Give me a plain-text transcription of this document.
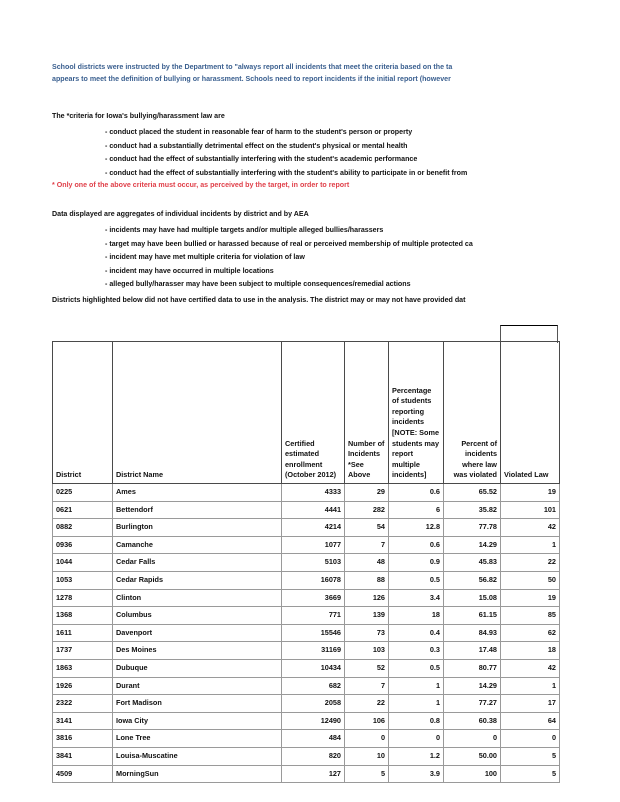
School districts were instructed by the Department to "always report all incidents that meet the criteria based on the ta
appears to meet the definition of bullying or harassment. Schools need to report incidents if the initial report (however
The *criteria for Iowa's bullying/harassment law are
- conduct placed the student in reasonable fear of harm to the student's person or property
- conduct had a substantially detrimental effect on the student's physical or mental health
- conduct had the effect of substantially interfering with the student's academic performance
- conduct had the effect of substantially interfering with the student's ability to participate in or benefit from
* Only one of the above criteria must occur, as perceived by the target, in order to report
Data displayed are aggregates of individual incidents by district and by AEA
- incidents may have had multiple targets and/or multiple alleged bullies/harassers
- target may have been bullied or harassed because of real or perceived membership of multiple protected ca
- incident may have met multiple criteria for violation of law
- incident may have occurred in multiple locations
- alleged bully/harasser may have been subject to multiple consequences/remedial actions
Districts highlighted below did not have certified data to use in the analysis. The district may or may not have provided dat
District	District Name	Certified estimated enrollment (October 2012)	Number of Incidents *See Above	Percentage of students reporting incidents [NOTE: Some students may report multiple incidents]	Percent of incidents where law was violated	Violated Law
0225	Ames	4333	29	0.6	65.52	19
0621	Bettendorf	4441	282	6	35.82	101
0882	Burlington	4214	54	12.8	77.78	42
0936	Camanche	1077	7	0.6	14.29	1
1044	Cedar Falls	5103	48	0.9	45.83	22
1053	Cedar Rapids	16078	88	0.5	56.82	50
1278	Clinton	3669	126	3.4	15.08	19
1368	Columbus	771	139	18	61.15	85
1611	Davenport	15546	73	0.4	84.93	62
1737	Des Moines	31169	103	0.3	17.48	18
1863	Dubuque	10434	52	0.5	80.77	42
1926	Durant	682	7	1	14.29	1
2322	Fort Madison	2058	22	1	77.27	17
3141	Iowa City	12490	106	0.8	60.38	64
3816	Lone Tree	484	0	0	0	0
3841	Louisa-Muscatine	820	10	1.2	50.00	5
4509	MorningSun	127	5	3.9	100	5
